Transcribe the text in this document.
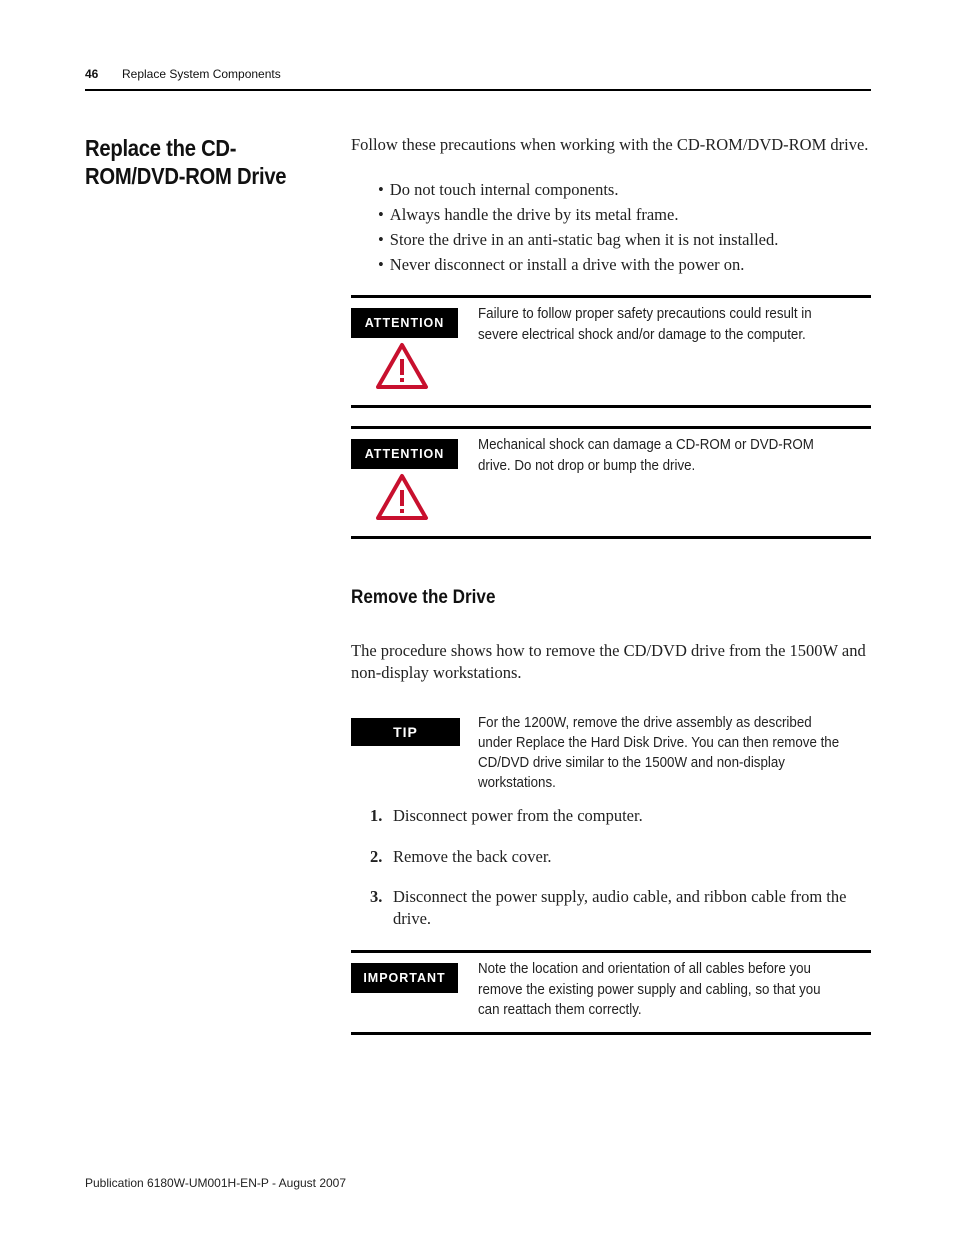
46 Replace System Components
Replace the CD-ROM/DVD-ROM Drive
Follow these precautions when working with the CD-ROM/DVD-ROM drive.
• Do not touch internal components.
• Always handle the drive by its metal frame.
• Store the drive in an anti-static bag when it is not installed.
• Never disconnect or install a drive with the power on.
ATTENTION
Failure to follow proper safety precautions could result in severe electrical shock and/or damage to the computer.
ATTENTION
Mechanical shock can damage a CD-ROM or DVD-ROM drive. Do not drop or bump the drive.
Remove the Drive
The procedure shows how to remove the CD/DVD drive from the 1500W and non-display workstations.
TIP
For the 1200W, remove the drive assembly as described under Replace the Hard Disk Drive. You can then remove the CD/DVD drive similar to the 1500W and non-display workstations.
1. Disconnect power from the computer.
2. Remove the back cover.
3. Disconnect the power supply, audio cable, and ribbon cable from the drive.
IMPORTANT
Note the location and orientation of all cables before you remove the existing power supply and cabling, so that you can reattach them correctly.
Publication 6180W-UM001H-EN-P - August 2007
